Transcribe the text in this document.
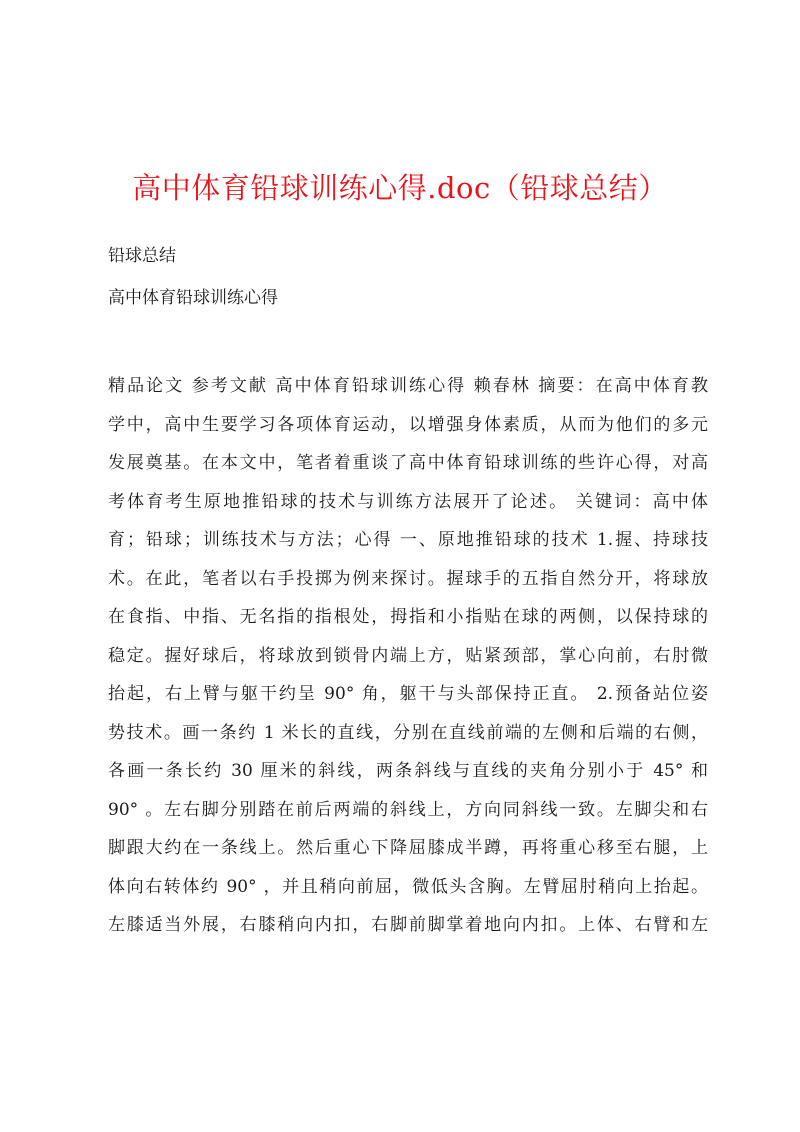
高中体育铅球训练心得.doc（铅球总结）
铅球总结
高中体育铅球训练心得
精品论文 参考文献 高中体育铅球训练心得 赖春林 摘要：在高中体育教
学中，高中生要学习各项体育运动，以增强身体素质，从而为他们的多元
发展奠基。在本文中，笔者着重谈了高中体育铅球训练的些许心得，对高
考体育考生原地推铅球的技术与训练方法展开了论述。 关键词：高中体
育；铅球；训练技术与方法；心得 一、原地推铅球的技术 1.握、持球技
术。在此，笔者以右手投掷为例来探讨。握球手的五指自然分开，将球放
在食指、中指、无名指的指根处，拇指和小指贴在球的两侧，以保持球的
稳定。握好球后，将球放到锁骨内端上方，贴紧颈部，掌心向前，右肘微
抬起，右上臂与躯干约呈 90° 角，躯干与头部保持正直。 2.预备站位姿
势技术。画一条约 1 米长的直线，分别在直线前端的左侧和后端的右侧，
各画一条长约 30 厘米的斜线，两条斜线与直线的夹角分别小于 45° 和
90° 。左右脚分别踏在前后两端的斜线上，方向同斜线一致。左脚尖和右
脚跟大约在一条线上。然后重心下降屈膝成半蹲，再将重心移至右腿，上
体向右转体约 90° ，并且稍向前屈，微低头含胸。左臂屈肘稍向上抬起。
左膝适当外展，右膝稍向内扣，右脚前脚掌着地向内扣。上体、右臂和左
